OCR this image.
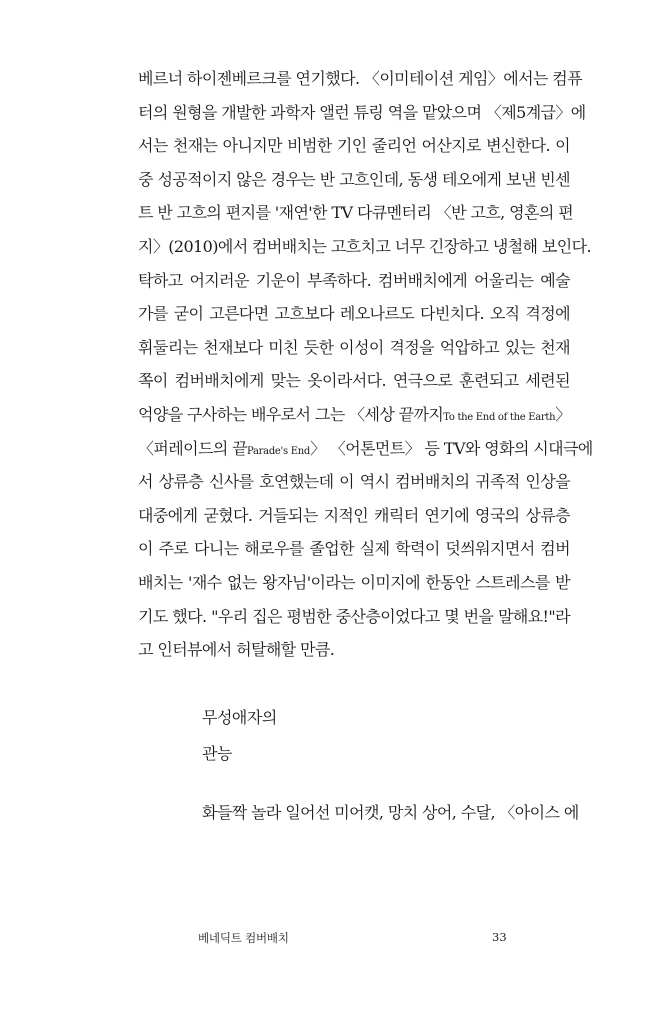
베르너 하이젠베르크를 연기했다. 〈이미테이션 게임〉에서는 컴퓨
터의 원형을 개발한 과학자 앨런 튜링 역을 맡았으며 〈제5계급〉에
서는 천재는 아니지만 비범한 기인 줄리언 어산지로 변신한다. 이
중 성공적이지 않은 경우는 반 고흐인데, 동생 테오에게 보낸 빈센
트 반 고흐의 편지를 '재연'한 TV 다큐멘터리 〈반 고흐, 영혼의 편
지〉(2010)에서 컴버배치는 고흐치고 너무 긴장하고 냉철해 보인다.
탁하고 어지러운 기운이 부족하다. 컴버배치에게 어울리는 예술
가를 굳이 고른다면 고흐보다 레오나르도 다빈치다. 오직 격정에
휘둘리는 천재보다 미친 듯한 이성이 격정을 억압하고 있는 천재
쪽이 컴버배치에게 맞는 옷이라서다. 연극으로 훈련되고 세련된
억양을 구사하는 배우로서 그는 〈세상 끝까지To the End of the Earth〉
〈퍼레이드의 끝Parade's End〉 〈어톤먼트〉 등 TV와 영화의 시대극에
서 상류층 신사를 호연했는데 이 역시 컴버배치의 귀족적 인상을
대중에게 굳혔다. 거들되는 지적인 캐릭터 연기에 영국의 상류층
이 주로 다니는 해로우를 졸업한 실제 학력이 덧씌워지면서 컴버
배치는 '재수 없는 왕자님'이라는 이미지에 한동안 스트레스를 받
기도 했다. "우리 집은 평범한 중산층이었다고 몇 번을 말해요!"라
고 인터뷰에서 허탈해할 만큼.
무성애자의
관능
화들짝 놀라 일어선 미어캣, 망치 상어, 수달, 〈아이스 에
베네딕트 컴버배치	33
